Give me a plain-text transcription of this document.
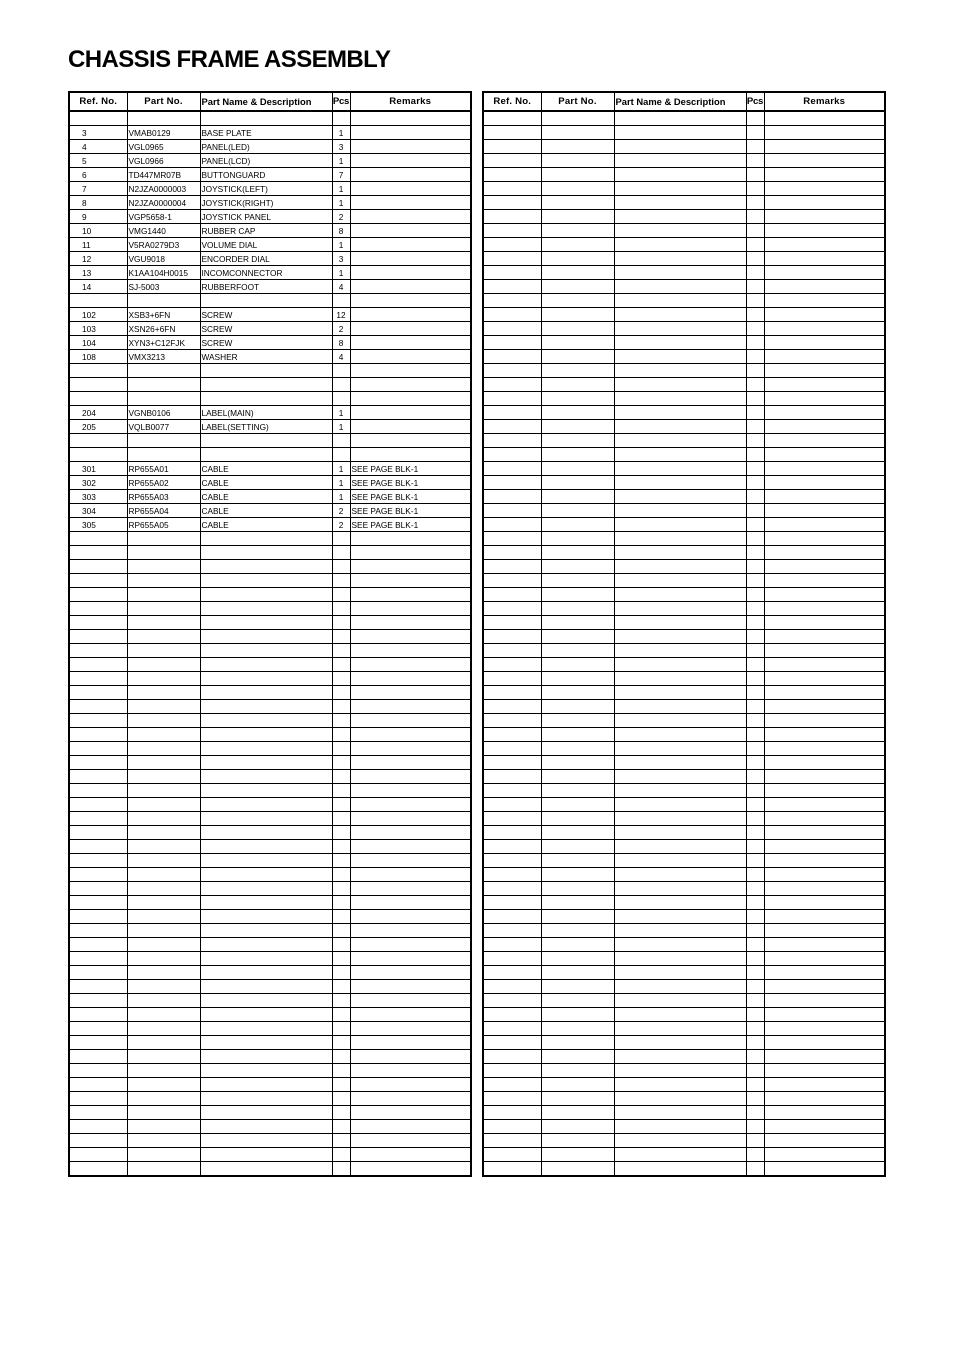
CHASSIS FRAME ASSEMBLY
Ref. No.	Part No.	Part Name & Description	Pcs	Remarks

3	VMAB0129	BASE PLATE	1	
4	VGL0965	PANEL(LED)	3	
5	VGL0966	PANEL(LCD)	1	
6	TD447MR07B	BUTTONGUARD	7	
7	N2JZA0000003	JOYSTICK(LEFT)	1	
8	N2JZA0000004	JOYSTICK(RIGHT)	1	
9	VGP5658-1	JOYSTICK PANEL	2	
10	VMG1440	RUBBER CAP	8	
11	V5RA0279D3	VOLUME DIAL	1	
12	VGU9018	ENCORDER DIAL	3	
13	K1AA104H0015	INCOMCONNECTOR	1	
14	SJ-5003	RUBBERFOOT	4	

102	XSB3+6FN	SCREW	12	
103	XSN26+6FN	SCREW	2	
104	XYN3+C12FJK	SCREW	8	
108	VMX3213	WASHER	4	

204	VGNB0106	LABEL(MAIN)	1	
205	VQLB0077	LABEL(SETTING)	1	

301	RP655A01	CABLE	1	SEE PAGE BLK-1
302	RP655A02	CABLE	1	SEE PAGE BLK-1
303	RP655A03	CABLE	1	SEE PAGE BLK-1
304	RP655A04	CABLE	2	SEE PAGE BLK-1
305	RP655A05	CABLE	2	SEE PAGE BLK-1

Ref. No.	Part No.	Part Name & Description	Pcs	Remarks
